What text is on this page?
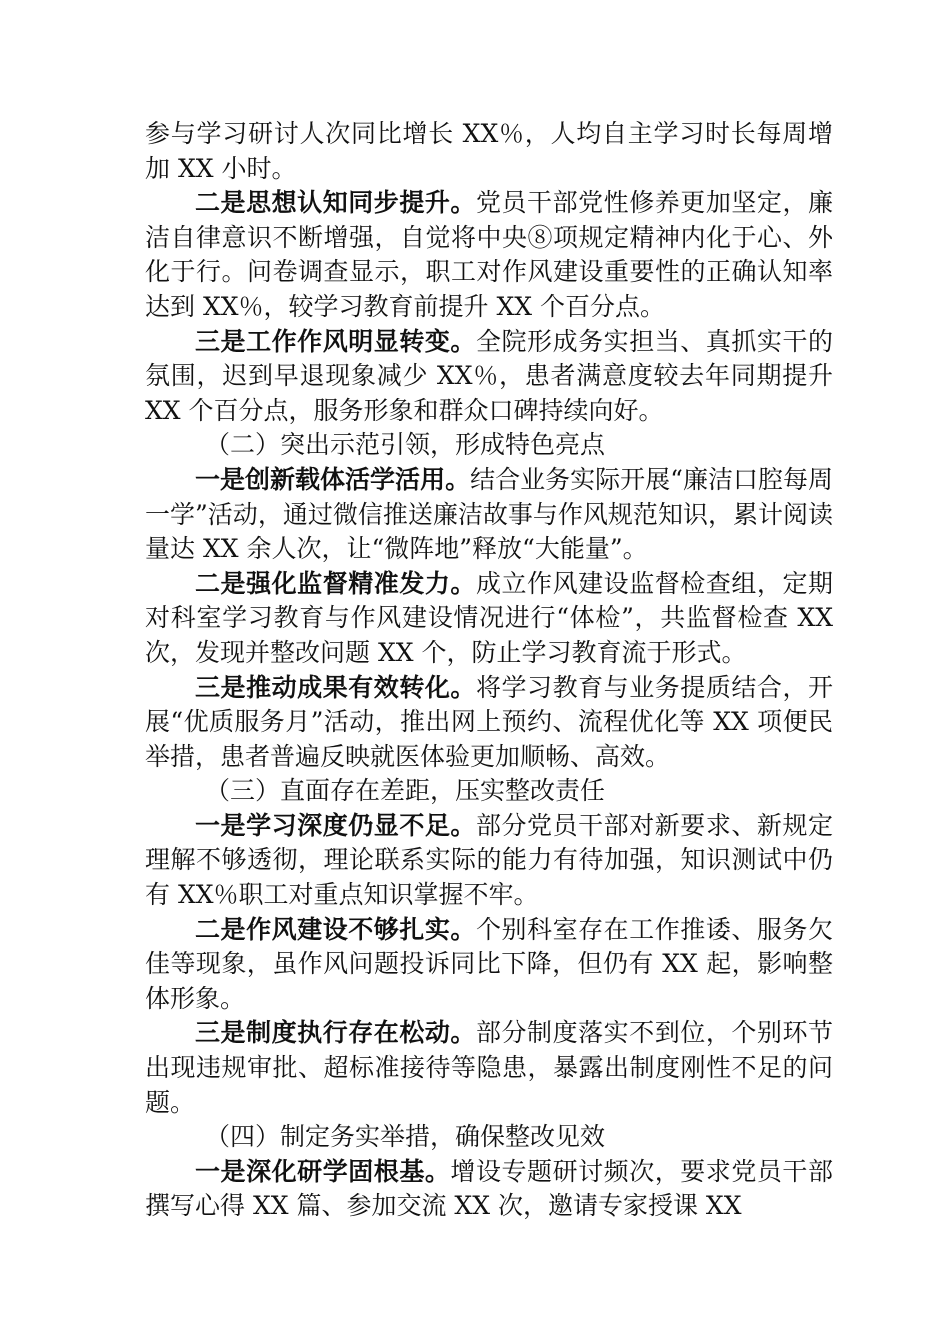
参与学习研讨人次同比增长 XX％，人均自主学习时长每周增加 XX 小时。

二是思想认知同步提升。党员干部党性修养更加坚定，廉洁自律意识不断增强，自觉将中央⑧项规定精神内化于心、外化于行。问卷调查显示，职工对作风建设重要性的正确认知率达到 XX％，较学习教育前提升 XX 个百分点。

三是工作作风明显转变。全院形成务实担当、真抓实干的氛围，迟到早退现象减少 XX％，患者满意度较去年同期提升 XX 个百分点，服务形象和群众口碑持续向好。

（二）突出示范引领，形成特色亮点

一是创新载体活学活用。结合业务实际开展“廉洁口腔每周一学”活动，通过微信推送廉洁故事与作风规范知识，累计阅读量达 XX 余人次，让“微阵地”释放“大能量”。

二是强化监督精准发力。成立作风建设监督检查组，定期对科室学习教育与作风建设情况进行“体检”，共监督检查 XX 次，发现并整改问题 XX 个，防止学习教育流于形式。

三是推动成果有效转化。将学习教育与业务提质结合，开展“优质服务月”活动，推出网上预约、流程优化等 XX 项便民举措，患者普遍反映就医体验更加顺畅、高效。

（三）直面存在差距，压实整改责任

一是学习深度仍显不足。部分党员干部对新要求、新规定理解不够透彻，理论联系实际的能力有待加强，知识测试中仍有 XX％职工对重点知识掌握不牢。

二是作风建设不够扎实。个别科室存在工作推诿、服务欠佳等现象，虽作风问题投诉同比下降，但仍有 XX 起，影响整体形象。

三是制度执行存在松动。部分制度落实不到位，个别环节出现违规审批、超标准接待等隐患，暴露出制度刚性不足的问题。

（四）制定务实举措，确保整改见效

一是深化研学固根基。增设专题研讨频次，要求党员干部撰写心得 XX 篇、参加交流 XX 次，邀请专家授课 XX
